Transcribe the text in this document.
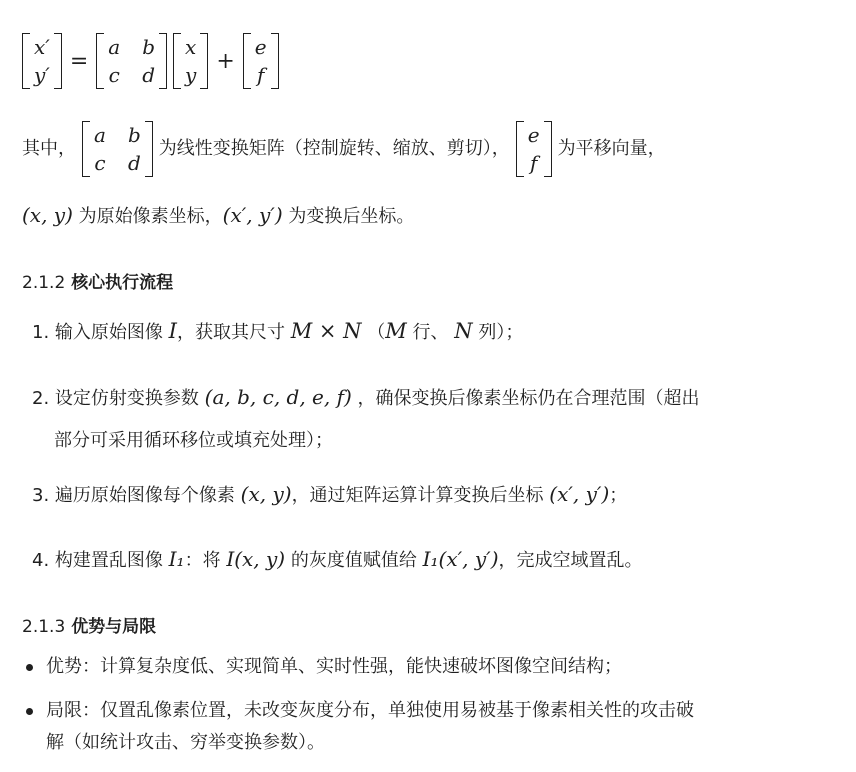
x′
y′
=
a b
c d
x
y
+
e
f
其中，
a b
c d
为线性变换矩阵（控制旋转、缩放、剪切），
e
f
为平移向量，
(x, y) 为原始像素坐标，(x′, y′) 为变换后坐标。
2.1.2 核心执行流程
1. 输入原始图像 I，获取其尺寸 M × N （M 行、 N 列）；
2. 设定仿射变换参数 (a, b, c, d, e, f) ，确保变换后像素坐标仍在合理范围（超出
部分可采用循环移位或填充处理）；
3. 遍历原始图像每个像素 (x, y)，通过矩阵运算计算变换后坐标 (x′, y′)；
4. 构建置乱图像 I₁：将 I(x, y) 的灰度值赋值给 I₁(x′, y′)，完成空域置乱。
2.1.3 优势与局限
优势：计算复杂度低、实现简单、实时性强，能快速破坏图像空间结构；
局限：仅置乱像素位置，未改变灰度分布，单独使用易被基于像素相关性的攻击破
解（如统计攻击、穷举变换参数）。
